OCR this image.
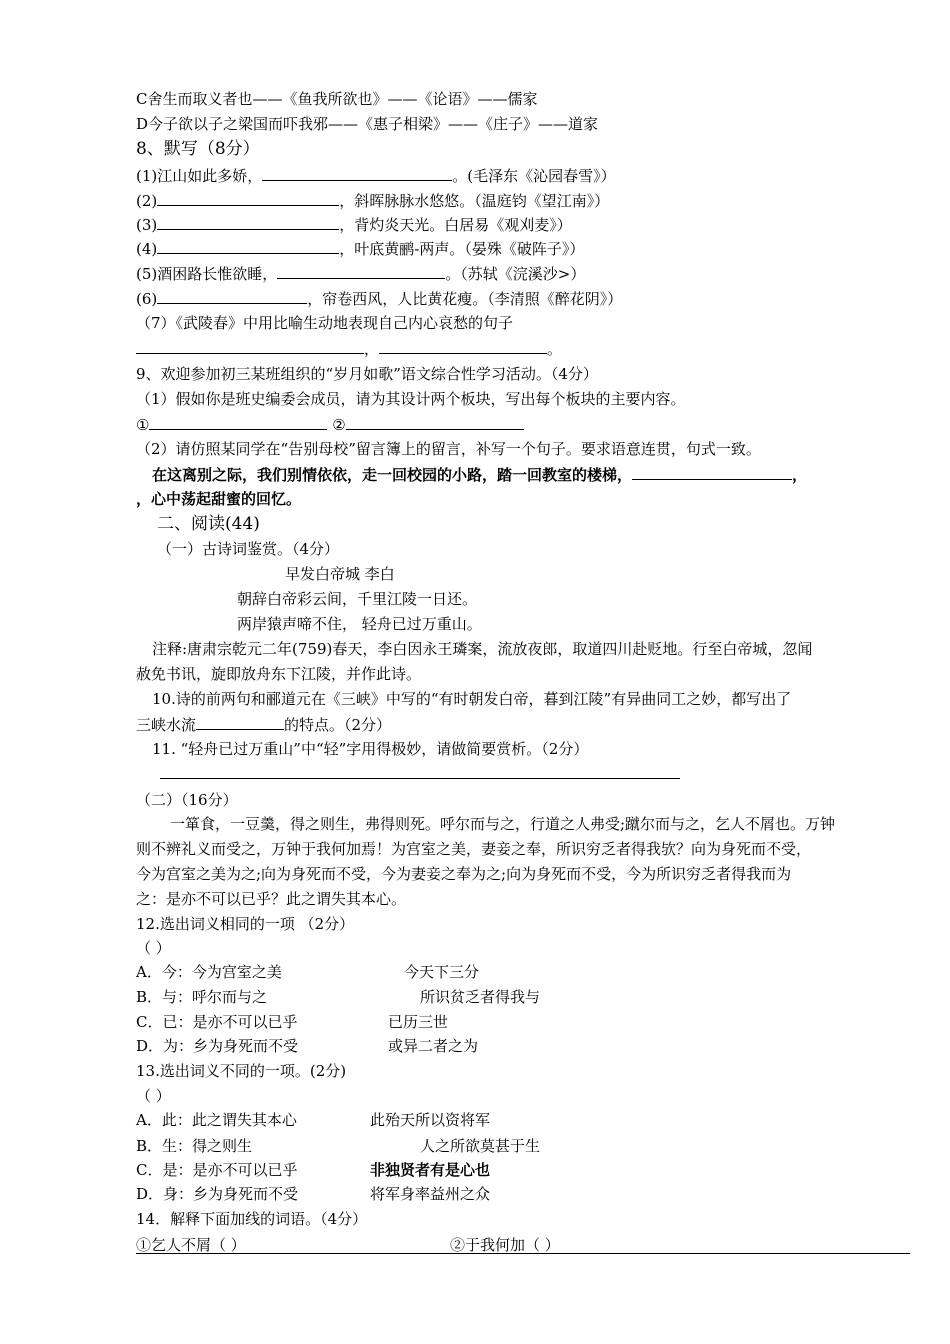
C舍生而取义者也——《鱼我所欲也》——《论语》——儒家
D今子欲以子之梁国而吓我邪——《惠子相梁》——《庄子》——道家
8、默写（8分）
(1)江山如此多娇，	。(毛泽东《沁园春雪》）
(2)	，斜晖脉脉水悠悠。（温庭钧《望江南》）
(3)	，背灼炎天光。白居易《观刈麦》）
(4)	，叶底黄鹂-两声。（晏殊《破阵子》）
(5)酒困路长惟欲睡，	。（苏轼《浣溪沙>）
(6)	，帘卷西风，人比黄花瘦。（李清照《醉花阴》）
（7）《武陵春》中用比喻生动地表现自己内心哀愁的句子
，	。
9、欢迎参加初三某班组织的“岁月如歌”语文综合性学习活动。（4分）
（1）假如你是班史编委会成员，请为其设计两个板块，写出每个板块的主要内容。
①	②
（2）请仿照某同学在“告别母校”留言簿上的留言，补写一个句子。要求语意连贯，句式一致。
在这离别之际，我们别情依依，走一回校园的小路，踏一回教室的楼梯，	，
，心中荡起甜蜜的回忆。
二、阅读(44)
（一）古诗词鉴赏。（4分）
早发白帝城 李白
朝辞白帝彩云间，千里江陵一日还。
两岸猿声啼不住， 轻舟已过万重山。
注释:唐肃宗乾元二年(759)春天，李白因永王璘案，流放夜郎，取道四川赴贬地。行至白帝城，忽闻
赦免书讯，旋即放舟东下江陵，并作此诗。
10.诗的前两句和郦道元在《三峡》中写的“有时朝发白帝，暮到江陵”有异曲同工之妙，都写出了
三峡水流	的特点。（2分）
11. “轻舟已过万重山”中“轻”字用得极妙，请做简要赏析。（2分）
（二）（16分）
一箪食，一豆羹，得之则生，弗得则死。呼尔而与之，行道之人弗受;蹴尔而与之，乞人不屑也。万钟
则不辨礼义而受之，万钟于我何加焉！为宫室之美，妻妾之奉，所识穷乏者得我欤？向为身死而不受，
今为宫室之美为之;向为身死而不受，今为妻妾之奉为之;向为身死而不受，今为所识穷乏者得我而为
之：是亦不可以已乎？此之谓失其本心。
12.选出词义相同的一项 （2分）
（ ）
A．今：今为宫室之美	今天下三分
B．与：呼尔而与之	所识贫乏者得我与
C．已：是亦不可以已乎	已历三世
D．为：乡为身死而不受	或异二者之为
13.选出词义不同的一项。(2分)
（ ）
A．此：此之谓失其本心	此殆天所以资将军
B．生：得之则生	人之所欲莫甚于生
C．是：是亦不可以已乎	非独贤者有是心也
D．身：乡为身死而不受	将军身率益州之众
14．解释下面加线的词语。（4分）
①乞人不屑（ ）	②于我何加（ ）
